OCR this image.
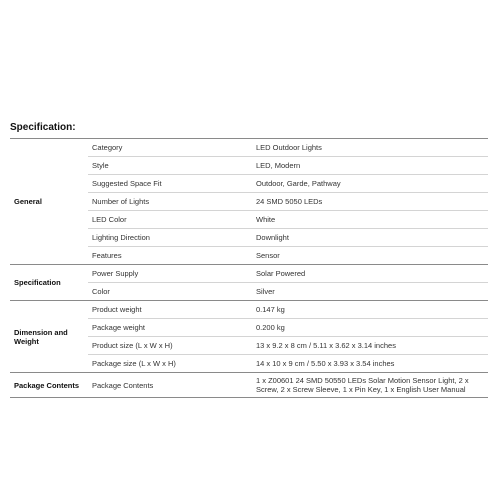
Specification:
General	Category	LED Outdoor Lights
	Style	LED, Modern
	Suggested Space Fit	Outdoor, Garde, Pathway
	Number of Lights	24 SMD 5050 LEDs
	LED Color	White
	Lighting Direction	Downlight
	Features	Sensor
Specification	Power Supply	Solar Powered
	Color	Silver
Dimension and Weight	Product weight	0.147 kg
	Package weight	0.200 kg
	Product size (L x W x H)	13 x 9.2 x 8 cm / 5.11 x 3.62 x 3.14 inches
	Package size (L x W x H)	14 x 10 x 9 cm / 5.50 x 3.93 x 3.54 inches
Package Contents	Package Contents	1 x Z00601 24 SMD 50550 LEDs Solar Motion Sensor Light, 2 x Screw, 2 x Screw Sleeve, 1 x Pin Key, 1 x English User Manual
